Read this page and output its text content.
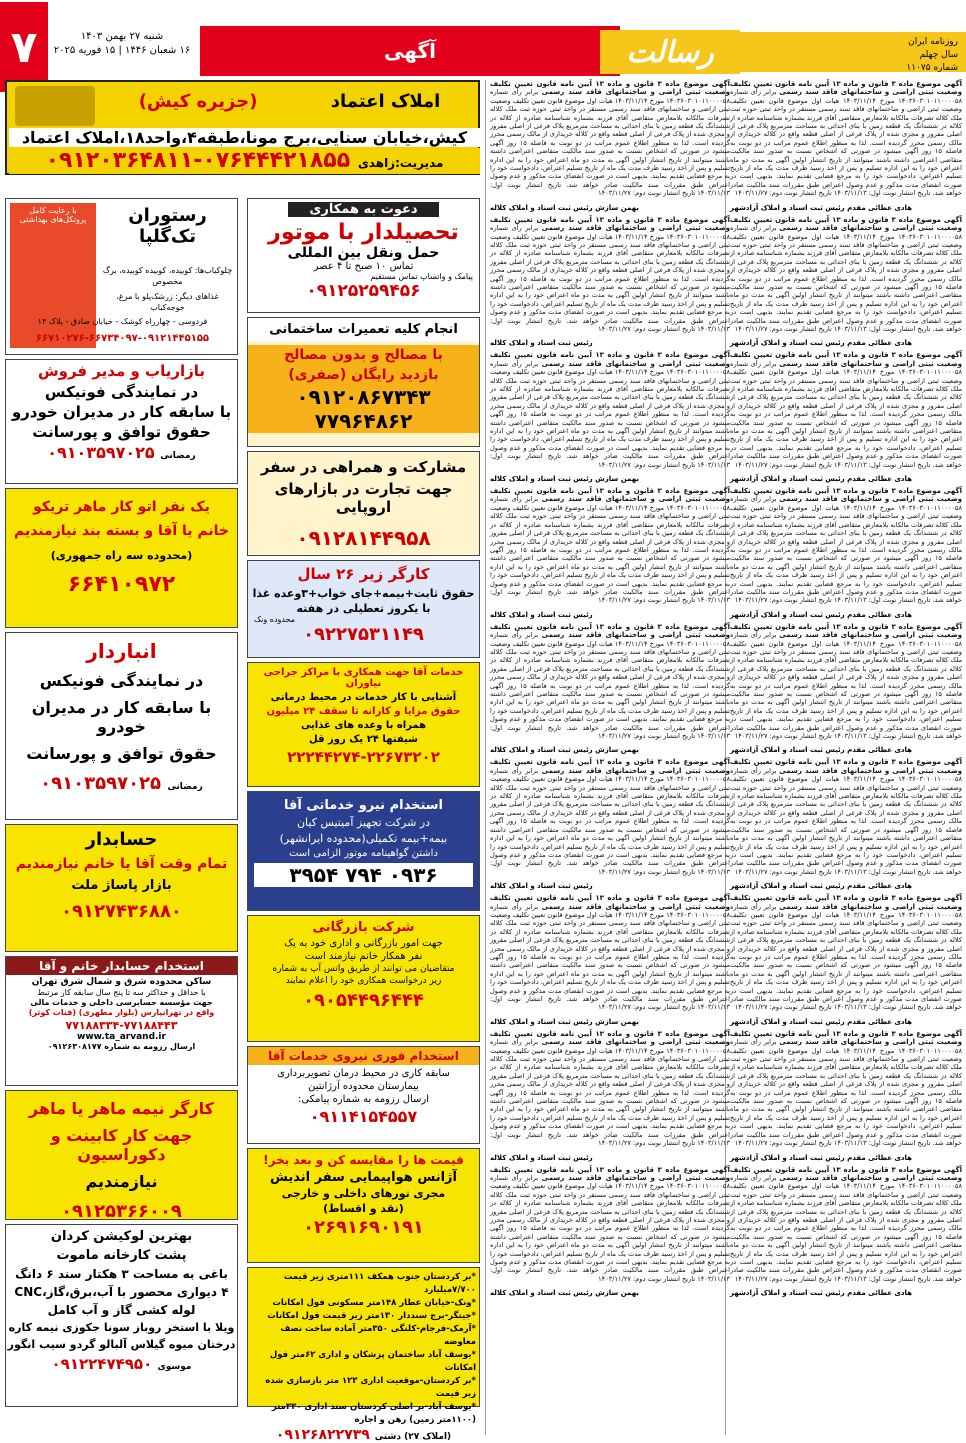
۷	شنبه ۲۷ بهمن ۱۴۰۳
۱۶ شعبان ۱۴۴۶ | ۱۵ فوریه ۲۰۲۵	آگهی	رسالت	روزنامه ایران
سال چهلم
شماره ۱۱۰۷۵
املاک اعتماد
(جزیره کیش)
کیش،خیابان سنایی،برج مونا،طبقه۴،واحد۱۸،املاک اعتماد
مدیریت:زاهدی ۰۷۶۴۴۴۲۱۸۵۵-۰۹۱۲۰۳۶۴۸۱۱
با رعایت کامل پروتکل‌های بهداشتی	رستوران تک‌گلپا
چلوکباب‌ها: کوبیده، کوبیده کوبیده، برگ مخصوص
غذاهای دیگر: زرشک‌پلو با مرغ، جوجه‌کباب
فردوسی - چهارراه کوشک - خیابان صادق - پلاک ۱۴
۶۶۷۱۰۲۷۶-۶۶۷۳۴۰۹۷-۰۹۱۲۱۴۴۵۱۵۵
دعوت به همکاری
تحصیلدار با موتور
حمل ونقل بین المللی
تماس ۱۰ صبح تا ۴ عصر
پیامک و واتساپ تماس مستقیم
۰۹۱۲۵۲۵۹۴۵۶
انجام کلیه تعمیرات ساختمانی
با مصالح و بدون مصالح
بازدید رایگان (صفری)
۰۹۱۲۰۸۶۷۳۴۳
۷۷۹۶۴۸۶۲
مشارکت و همراهی در سفر
جهت تجارت در بازارهای اروپایی
۰۹۱۲۸۱۴۴۹۵۸
کارگر زیر ۲۶ سال
حقوق ثابت+بیمه+جای خواب+۳وعده غذا
با یکروز تعطیلی در هفته
محدوده ونک
۰۹۲۲۷۵۳۱۱۴۹
خدمات آقا جهت همکاری با مراکز جراحی نیاوران
آشنایی با کار خدمات در محیط درمانی
حقوق مزایا و کارانه تا سقف ۲۴ میلیون
همراه با وعده های غذایی
شیفتها ۲۴ یک روز قل
۲۲۲۴۴۲۷۴-۲۲۶۷۳۲۰۲
استخدام نیرو خدماتی آقا
در شرکت تجهیز آمیتیس کیان
بیمه+بیمه تکمیلی(محدوده ایرانشهر)
داشتن گواهینامه موتور الزامی است
۰۹۳۶ ۷۹۴ ۳۹۵۴
شرکت بازرگانی
جهت امور بازرگانی و اداری خود به یک
نفر همکار خانم نیازمند است
متقاضیان می توانند از طریق واتس آپ به شماره
زیر درخواست همکاری خود را اعلام نمایند
۰۹۰۵۴۴۹۶۴۴۴
استخدام فوری نیروی خدمات آقا
سابقه کاری در محیط درمان تصویربرداری
بیمارستان محدوده آرژانتین
ارسال رزومه به شماره پیامکی:
۰۹۱۱۴۱۵۴۵۵۷
قیمت ها را مقایسه کن و بعد بخر!
آژانس هواپیمایی سفر اندیش
مجری تورهای داخلی و خارجی
(نقد و اقساط)
۰۲۶۹۱۶۹۰۱۹۱
*بر کردستان جنوب همکف ۱۱۱متری زیر قیمت ۷/۷۰۰میلیارد
*ونک-خیابان عطار ۱۴۸متر مسکونی فول امکانات
*جیتگر-برج سنددار ۱۳۰متر زیر قیمت فول امکانات
*آرمک-فرجام-کلنگی ۳۵۰متر آماده ساخت نصف معاوضه
*یوسف آباد ساختمان پزشکان و اداری ۶۲متر فول امکانات
*بر کردستان-موقعیت اداری ۱۲۳ متر بازسازی شده زیر قیمت
*یوسف آباد-بر اصلی کردستان سند اداری ۳۳۰متر (۱۱۰۰متر زمین) رهن و اجاره
(املاک ۲۷) دشتی ۰۹۱۲۶۸۲۲۷۳۹
بازاریاب و مدیر فروش
در نمایندگی فونیکس
با سابقه کار در مدیران خودرو
حقوق توافق و پورسانت
رمضانی ۰۹۱۰۳۵۹۷۰۲۵
یک نفر اتو کار ماهر تریکو
خانم یا آقا و بسته بند نیازمندیم
(محدوده سه راه جمهوری)
۶۶۴۱۰۹۷۲
انباردار
در نمایندگی فونیکس
با سابقه کار در مدیران خودرو
حقوق توافق و پورسانت
رمضانی ۰۹۱۰۳۵۹۷۰۲۵
حسابدار
تمام وقت آقا یا خانم نیازمندیم
بازار پاساژ ملت
۰۹۱۲۷۴۳۶۸۸۰
استخدام حسابدار خانم و آقا
ساکن محدوده شرق و شمال شرق تهران
با حداقل و حداکثر سه تا پنج سال سابقه کار مرتبط
جهت مؤسسه حسابرسی داخلی و خدمات مالی
واقع در تهرانپارس (بلوار مطهری) (قنات کوثر)
۷۷۱۸۸۳۳۴-۷۷۱۸۸۴۴۳
www.ta_arvand.ir
ارسال رزومه به شماره ۰۹۱۲۶۳۰۸۱۷۷
کارگر نیمه ماهر یا ماهر
جهت کار کابینت و دکوراسیون
نیازمندیم
۰۹۱۲۵۳۶۶۰۰۹
بهترین لوکیشن کردان
پشت کارخانه ماموت
باغی به مساحت ۳ هکتار سند ۶ دانگ
۴ دیواری محصور با آب،برق،گاز،CNC
لوله کشی گاز و آب کامل
ویلا با استخر روباز سونا جکوزی نیمه کاره
درختان میوه گیلاس آلبالو گردو سیب انگور
موسوی ۰۹۱۲۲۴۷۴۹۵۰
آگهی موضوع ماده ۳ قانون و ماده ۱۳ آیین نامه قانون تعیین تکلیف وضعیت ثبتی اراضی و ساختمانهای فاقد سند رسمی برابر رأی شماره ۱۴۰۳۶۰۳۰۱۰۱۱۰۰۰۰۵۸ مورخ ۱۴۰۳/۱۱/۱۴ هیات اول موضوع قانون تعیین تکلیف وضعیت ثبتی اراضی و ساختمانهای فاقد سند رسمی مستقر در واحد ثبتی حوزه ثبت ملک کلاله تصرفات مالکانه بلامعارض متقاضی آقای فرزند بشماره شناسنامه صادره از کلاله در ششدانگ یک قطعه زمین با بنای احداثی به مساحت مترمربع پلاک فرعی از اصلی مفروز و مجزی شده از پلاک فرعی از اصلی قطعه واقع در کلاله خریداری از مالک رسمی محرز گردیده است. لذا به منظور اطلاع عموم مراتب در دو نوبت به فاصله ۱۵ روز آگهی میشود در صورتی که اشخاص نسبت به صدور سند مالکیت متقاضی اعتراضی داشته باشند میتوانند از تاریخ انتشار اولین آگهی به مدت دو ماه اعتراض خود را به این اداره تسلیم و پس از اخذ رسید ظرف مدت یک ماه از تاریخ تسلیم اعتراض، دادخواست خود را به مرجع قضایی تقدیم نمایند. بدیهی است در صورت انقضای مدت مذکور و عدم وصول اعتراض طبق مقررات سند مالکیت صادر خواهد شد. تاریخ انتشار نوبت اول: ۱۴۰۳/۱۱/۱۳ تاریخ انتشار نوبت دوم: ۱۴۰۳/۱۱/۲۷
بهمن سازش رئیس ثبت اسناد و املاک کلاله
آگهی موضوع ماده ۳ قانون و ماده ۱۳ آیین نامه قانون تعیین تکلیف وضعیت ثبتی اراضی و ساختمانهای فاقد سند رسمی برابر رأی شماره ۱۴۰۳۶۰۳۰۱۰۱۱۰۰۰۰۵۸ مورخ ۱۴۰۳/۱۱/۱۴ هیات اول موضوع قانون تعیین تکلیف وضعیت ثبتی اراضی و ساختمانهای فاقد سند رسمی مستقر در واحد ثبتی حوزه ثبت ملک کلاله تصرفات مالکانه بلامعارض متقاضی آقای فرزند بشماره شناسنامه صادره از کلاله در ششدانگ یک قطعه زمین با بنای احداثی به مساحت مترمربع پلاک فرعی از اصلی مفروز و مجزی شده از پلاک فرعی از اصلی قطعه واقع در کلاله خریداری از مالک رسمی محرز گردیده است. لذا به منظور اطلاع عموم مراتب در دو نوبت به فاصله ۱۵ روز آگهی میشود در صورتی که اشخاص نسبت به صدور سند مالکیت متقاضی اعتراضی داشته باشند میتوانند از تاریخ انتشار اولین آگهی به مدت دو ماه اعتراض خود را به این اداره تسلیم و پس از اخذ رسید ظرف مدت یک ماه از تاریخ تسلیم اعتراض، دادخواست خود را به مرجع قضایی تقدیم نمایند. بدیهی است در صورت انقضای مدت مذکور و عدم وصول اعتراض طبق مقررات سند مالکیت صادر خواهد شد. تاریخ انتشار نوبت اول: ۱۴۰۳/۱۱/۱۳ تاریخ انتشار نوبت دوم: ۱۴۰۳/۱۱/۲۷
رئیس ثبت اسناد و املاک کلاله
آگهی موضوع ماده ۳ قانون و ماده ۱۳ آیین نامه قانون تعیین تکلیف وضعیت ثبتی اراضی و ساختمانهای فاقد سند رسمی برابر رأی شماره ۱۴۰۳۶۰۳۰۱۰۱۱۰۰۰۰۵۸ مورخ ۱۴۰۳/۱۱/۱۴ هیات اول موضوع قانون تعیین تکلیف وضعیت ثبتی اراضی و ساختمانهای فاقد سند رسمی مستقر در واحد ثبتی حوزه ثبت ملک کلاله تصرفات مالکانه بلامعارض متقاضی آقای فرزند بشماره شناسنامه صادره از کلاله در ششدانگ یک قطعه زمین با بنای احداثی به مساحت مترمربع پلاک فرعی از اصلی مفروز و مجزی شده از پلاک فرعی از اصلی قطعه واقع در کلاله خریداری از مالک رسمی محرز گردیده است. لذا به منظور اطلاع عموم مراتب در دو نوبت به فاصله ۱۵ روز آگهی میشود در صورتی که اشخاص نسبت به صدور سند مالکیت متقاضی اعتراضی داشته باشند میتوانند از تاریخ انتشار اولین آگهی به مدت دو ماه اعتراض خود را به این اداره تسلیم و پس از اخذ رسید ظرف مدت یک ماه از تاریخ تسلیم اعتراض، دادخواست خود را به مرجع قضایی تقدیم نمایند. بدیهی است در صورت انقضای مدت مذکور و عدم وصول اعتراض طبق مقررات سند مالکیت صادر خواهد شد. تاریخ انتشار نوبت اول: ۱۴۰۳/۱۱/۱۳ تاریخ انتشار نوبت دوم: ۱۴۰۳/۱۱/۲۷
بهمن سازش رئیس ثبت اسناد و املاک کلاله
آگهی موضوع ماده ۳ قانون و ماده ۱۳ آیین نامه قانون تعیین تکلیف وضعیت ثبتی اراضی و ساختمانهای فاقد سند رسمی برابر رأی شماره ۱۴۰۳۶۰۳۰۱۰۱۱۰۰۰۰۵۸ مورخ ۱۴۰۳/۱۱/۱۴ هیات اول موضوع قانون تعیین تکلیف وضعیت ثبتی اراضی و ساختمانهای فاقد سند رسمی مستقر در واحد ثبتی حوزه ثبت ملک کلاله تصرفات مالکانه بلامعارض متقاضی آقای فرزند بشماره شناسنامه صادره از کلاله در ششدانگ یک قطعه زمین با بنای احداثی به مساحت مترمربع پلاک فرعی از اصلی مفروز و مجزی شده از پلاک فرعی از اصلی قطعه واقع در کلاله خریداری از مالک رسمی محرز گردیده است. لذا به منظور اطلاع عموم مراتب در دو نوبت به فاصله ۱۵ روز آگهی میشود در صورتی که اشخاص نسبت به صدور سند مالکیت متقاضی اعتراضی داشته باشند میتوانند از تاریخ انتشار اولین آگهی به مدت دو ماه اعتراض خود را به این اداره تسلیم و پس از اخذ رسید ظرف مدت یک ماه از تاریخ تسلیم اعتراض، دادخواست خود را به مرجع قضایی تقدیم نمایند. بدیهی است در صورت انقضای مدت مذکور و عدم وصول اعتراض طبق مقررات سند مالکیت صادر خواهد شد. تاریخ انتشار نوبت اول: ۱۴۰۳/۱۱/۱۳ تاریخ انتشار نوبت دوم: ۱۴۰۳/۱۱/۲۷
رئیس ثبت اسناد و املاک کلاله
آگهی موضوع ماده ۳ قانون و ماده ۱۳ آیین نامه قانون تعیین تکلیف وضعیت ثبتی اراضی و ساختمانهای فاقد سند رسمی برابر رأی شماره ۱۴۰۳۶۰۳۰۱۰۱۱۰۰۰۰۵۸ مورخ ۱۴۰۳/۱۱/۱۴ هیات اول موضوع قانون تعیین تکلیف وضعیت ثبتی اراضی و ساختمانهای فاقد سند رسمی مستقر در واحد ثبتی حوزه ثبت ملک کلاله تصرفات مالکانه بلامعارض متقاضی آقای فرزند بشماره شناسنامه صادره از کلاله در ششدانگ یک قطعه زمین با بنای احداثی به مساحت مترمربع پلاک فرعی از اصلی مفروز و مجزی شده از پلاک فرعی از اصلی قطعه واقع در کلاله خریداری از مالک رسمی محرز گردیده است. لذا به منظور اطلاع عموم مراتب در دو نوبت به فاصله ۱۵ روز آگهی میشود در صورتی که اشخاص نسبت به صدور سند مالکیت متقاضی اعتراضی داشته باشند میتوانند از تاریخ انتشار اولین آگهی به مدت دو ماه اعتراض خود را به این اداره تسلیم و پس از اخذ رسید ظرف مدت یک ماه از تاریخ تسلیم اعتراض، دادخواست خود را به مرجع قضایی تقدیم نمایند. بدیهی است در صورت انقضای مدت مذکور و عدم وصول اعتراض طبق مقررات سند مالکیت صادر خواهد شد. تاریخ انتشار نوبت اول: ۱۴۰۳/۱۱/۱۳ تاریخ انتشار نوبت دوم: ۱۴۰۳/۱۱/۲۷
بهمن سازش رئیس ثبت اسناد و املاک کلاله
آگهی موضوع ماده ۳ قانون و ماده ۱۳ آیین نامه قانون تعیین تکلیف وضعیت ثبتی اراضی و ساختمانهای فاقد سند رسمی برابر رأی شماره ۱۴۰۳۶۰۳۰۱۰۱۱۰۰۰۰۵۸ مورخ ۱۴۰۳/۱۱/۱۴ هیات اول موضوع قانون تعیین تکلیف وضعیت ثبتی اراضی و ساختمانهای فاقد سند رسمی مستقر در واحد ثبتی حوزه ثبت ملک کلاله تصرفات مالکانه بلامعارض متقاضی آقای فرزند بشماره شناسنامه صادره از کلاله در ششدانگ یک قطعه زمین با بنای احداثی به مساحت مترمربع پلاک فرعی از اصلی مفروز و مجزی شده از پلاک فرعی از اصلی قطعه واقع در کلاله خریداری از مالک رسمی محرز گردیده است. لذا به منظور اطلاع عموم مراتب در دو نوبت به فاصله ۱۵ روز آگهی میشود در صورتی که اشخاص نسبت به صدور سند مالکیت متقاضی اعتراضی داشته باشند میتوانند از تاریخ انتشار اولین آگهی به مدت دو ماه اعتراض خود را به این اداره تسلیم و پس از اخذ رسید ظرف مدت یک ماه از تاریخ تسلیم اعتراض، دادخواست خود را به مرجع قضایی تقدیم نمایند. بدیهی است در صورت انقضای مدت مذکور و عدم وصول اعتراض طبق مقررات سند مالکیت صادر خواهد شد. تاریخ انتشار نوبت اول: ۱۴۰۳/۱۱/۱۳ تاریخ انتشار نوبت دوم: ۱۴۰۳/۱۱/۲۷
رئیس ثبت اسناد و املاک کلاله
آگهی موضوع ماده ۳ قانون و ماده ۱۳ آیین نامه قانون تعیین تکلیف وضعیت ثبتی اراضی و ساختمانهای فاقد سند رسمی برابر رأی شماره ۱۴۰۳۶۰۳۰۱۰۱۱۰۰۰۰۵۸ مورخ ۱۴۰۳/۱۱/۱۴ هیات اول موضوع قانون تعیین تکلیف وضعیت ثبتی اراضی و ساختمانهای فاقد سند رسمی مستقر در واحد ثبتی حوزه ثبت ملک کلاله تصرفات مالکانه بلامعارض متقاضی آقای فرزند بشماره شناسنامه صادره از کلاله در ششدانگ یک قطعه زمین با بنای احداثی به مساحت مترمربع پلاک فرعی از اصلی مفروز و مجزی شده از پلاک فرعی از اصلی قطعه واقع در کلاله خریداری از مالک رسمی محرز گردیده است. لذا به منظور اطلاع عموم مراتب در دو نوبت به فاصله ۱۵ روز آگهی میشود در صورتی که اشخاص نسبت به صدور سند مالکیت متقاضی اعتراضی داشته باشند میتوانند از تاریخ انتشار اولین آگهی به مدت دو ماه اعتراض خود را به این اداره تسلیم و پس از اخذ رسید ظرف مدت یک ماه از تاریخ تسلیم اعتراض، دادخواست خود را به مرجع قضایی تقدیم نمایند. بدیهی است در صورت انقضای مدت مذکور و عدم وصول اعتراض طبق مقررات سند مالکیت صادر خواهد شد. تاریخ انتشار نوبت اول: ۱۴۰۳/۱۱/۱۳ تاریخ انتشار نوبت دوم: ۱۴۰۳/۱۱/۲۷
بهمن سازش رئیس ثبت اسناد و املاک کلاله
آگهی موضوع ماده ۳ قانون و ماده ۱۳ آیین نامه قانون تعیین تکلیف وضعیت ثبتی اراضی و ساختمانهای فاقد سند رسمی برابر رأی شماره ۱۴۰۳۶۰۳۰۱۰۱۱۰۰۰۰۵۸ مورخ ۱۴۰۳/۱۱/۱۴ هیات اول موضوع قانون تعیین تکلیف وضعیت ثبتی اراضی و ساختمانهای فاقد سند رسمی مستقر در واحد ثبتی حوزه ثبت ملک کلاله تصرفات مالکانه بلامعارض متقاضی آقای فرزند بشماره شناسنامه صادره از کلاله در ششدانگ یک قطعه زمین با بنای احداثی به مساحت مترمربع پلاک فرعی از اصلی مفروز و مجزی شده از پلاک فرعی از اصلی قطعه واقع در کلاله خریداری از مالک رسمی محرز گردیده است. لذا به منظور اطلاع عموم مراتب در دو نوبت به فاصله ۱۵ روز آگهی میشود در صورتی که اشخاص نسبت به صدور سند مالکیت متقاضی اعتراضی داشته باشند میتوانند از تاریخ انتشار اولین آگهی به مدت دو ماه اعتراض خود را به این اداره تسلیم و پس از اخذ رسید ظرف مدت یک ماه از تاریخ تسلیم اعتراض، دادخواست خود را به مرجع قضایی تقدیم نمایند. بدیهی است در صورت انقضای مدت مذکور و عدم وصول اعتراض طبق مقررات سند مالکیت صادر خواهد شد. تاریخ انتشار نوبت اول: ۱۴۰۳/۱۱/۱۳ تاریخ انتشار نوبت دوم: ۱۴۰۳/۱۱/۲۷
رئیس ثبت اسناد و املاک کلاله
آگهی موضوع ماده ۳ قانون و ماده ۱۳ آیین نامه قانون تعیین تکلیف وضعیت ثبتی اراضی و ساختمانهای فاقد سند رسمی برابر رأی شماره ۱۴۰۳۶۰۳۰۱۰۱۱۰۰۰۰۵۸ مورخ ۱۴۰۳/۱۱/۱۴ هیات اول موضوع قانون تعیین تکلیف وضعیت ثبتی اراضی و ساختمانهای فاقد سند رسمی مستقر در واحد ثبتی حوزه ثبت ملک کلاله تصرفات مالکانه بلامعارض متقاضی آقای فرزند بشماره شناسنامه صادره از کلاله در ششدانگ یک قطعه زمین با بنای احداثی به مساحت مترمربع پلاک فرعی از اصلی مفروز و مجزی شده از پلاک فرعی از اصلی قطعه واقع در کلاله خریداری از مالک رسمی محرز گردیده است. لذا به منظور اطلاع عموم مراتب در دو نوبت به فاصله ۱۵ روز آگهی میشود در صورتی که اشخاص نسبت به صدور سند مالکیت متقاضی اعتراضی داشته باشند میتوانند از تاریخ انتشار اولین آگهی به مدت دو ماه اعتراض خود را به این اداره تسلیم و پس از اخذ رسید ظرف مدت یک ماه از تاریخ تسلیم اعتراض، دادخواست خود را به مرجع قضایی تقدیم نمایند. بدیهی است در صورت انقضای مدت مذکور و عدم وصول اعتراض طبق مقررات سند مالکیت صادر خواهد شد. تاریخ انتشار نوبت اول: ۱۴۰۳/۱۱/۱۳ تاریخ انتشار نوبت دوم: ۱۴۰۳/۱۱/۲۷
بهمن سازش رئیس ثبت اسناد و املاک کلاله
آگهی موضوع ماده ۳ قانون و ماده ۱۳ آیین نامه قانون تعیین تکلیف وضعیت ثبتی اراضی و ساختمانهای فاقد سند رسمی برابر رأی شماره ۱۴۰۳۶۰۳۰۱۰۱۱۰۰۰۰۵۸ مورخ ۱۴۰۳/۱۱/۱۴ هیات اول موضوع قانون تعیین تکلیف وضعیت ثبتی اراضی و ساختمانهای فاقد سند رسمی مستقر در واحد ثبتی حوزه ثبت ملک کلاله تصرفات مالکانه بلامعارض متقاضی آقای فرزند بشماره شناسنامه صادره از کلاله در ششدانگ یک قطعه زمین با بنای احداثی به مساحت مترمربع پلاک فرعی از اصلی مفروز و مجزی شده از پلاک فرعی از اصلی قطعه واقع در کلاله خریداری از مالک رسمی محرز گردیده است. لذا به منظور اطلاع عموم مراتب در دو نوبت به فاصله ۱۵ روز آگهی میشود در صورتی که اشخاص نسبت به صدور سند مالکیت متقاضی اعتراضی داشته باشند میتوانند از تاریخ انتشار اولین آگهی به مدت دو ماه اعتراض خود را به این اداره تسلیم و پس از اخذ رسید ظرف مدت یک ماه از تاریخ تسلیم اعتراض، دادخواست خود را به مرجع قضایی تقدیم نمایند. بدیهی است در صورت انقضای مدت مذکور و عدم وصول اعتراض طبق مقررات سند مالکیت صادر خواهد شد. تاریخ انتشار نوبت اول: ۱۴۰۳/۱۱/۱۳ تاریخ انتشار نوبت دوم: ۱۴۰۳/۱۱/۲۷
هادی عطائی مقدم رئیس ثبت اسناد و املاک آزادشهر
آگهی موضوع ماده ۳ قانون و ماده ۱۳ آیین نامه قانون تعیین تکلیف وضعیت ثبتی اراضی و ساختمانهای فاقد سند رسمی برابر رأی شماره ۱۴۰۳۶۰۳۰۱۰۱۱۰۰۰۰۵۸ مورخ ۱۴۰۳/۱۱/۱۴ هیات اول موضوع قانون تعیین تکلیف وضعیت ثبتی اراضی و ساختمانهای فاقد سند رسمی مستقر در واحد ثبتی حوزه ثبت ملک کلاله تصرفات مالکانه بلامعارض متقاضی آقای فرزند بشماره شناسنامه صادره از کلاله در ششدانگ یک قطعه زمین با بنای احداثی به مساحت مترمربع پلاک فرعی از اصلی مفروز و مجزی شده از پلاک فرعی از اصلی قطعه واقع در کلاله خریداری از مالک رسمی محرز گردیده است. لذا به منظور اطلاع عموم مراتب در دو نوبت به فاصله ۱۵ روز آگهی میشود در صورتی که اشخاص نسبت به صدور سند مالکیت متقاضی اعتراضی داشته باشند میتوانند از تاریخ انتشار اولین آگهی به مدت دو ماه اعتراض خود را به این اداره تسلیم و پس از اخذ رسید ظرف مدت یک ماه از تاریخ تسلیم اعتراض، دادخواست خود را به مرجع قضایی تقدیم نمایند. بدیهی است در صورت انقضای مدت مذکور و عدم وصول اعتراض طبق مقررات سند مالکیت صادر خواهد شد. تاریخ انتشار نوبت اول: ۱۴۰۳/۱۱/۱۳ تاریخ انتشار نوبت دوم: ۱۴۰۳/۱۱/۲۷
هادی عطائی مقدم رئیس ثبت اسناد و املاک آزادشهر
آگهی موضوع ماده ۳ قانون و ماده ۱۳ آیین نامه قانون تعیین تکلیف وضعیت ثبتی اراضی و ساختمانهای فاقد سند رسمی برابر رأی شماره ۱۴۰۳۶۰۳۰۱۰۱۱۰۰۰۰۵۸ مورخ ۱۴۰۳/۱۱/۱۴ هیات اول موضوع قانون تعیین تکلیف وضعیت ثبتی اراضی و ساختمانهای فاقد سند رسمی مستقر در واحد ثبتی حوزه ثبت ملک کلاله تصرفات مالکانه بلامعارض متقاضی آقای فرزند بشماره شناسنامه صادره از کلاله در ششدانگ یک قطعه زمین با بنای احداثی به مساحت مترمربع پلاک فرعی از اصلی مفروز و مجزی شده از پلاک فرعی از اصلی قطعه واقع در کلاله خریداری از مالک رسمی محرز گردیده است. لذا به منظور اطلاع عموم مراتب در دو نوبت به فاصله ۱۵ روز آگهی میشود در صورتی که اشخاص نسبت به صدور سند مالکیت متقاضی اعتراضی داشته باشند میتوانند از تاریخ انتشار اولین آگهی به مدت دو ماه اعتراض خود را به این اداره تسلیم و پس از اخذ رسید ظرف مدت یک ماه از تاریخ تسلیم اعتراض، دادخواست خود را به مرجع قضایی تقدیم نمایند. بدیهی است در صورت انقضای مدت مذکور و عدم وصول اعتراض طبق مقررات سند مالکیت صادر خواهد شد. تاریخ انتشار نوبت اول: ۱۴۰۳/۱۱/۱۳ تاریخ انتشار نوبت دوم: ۱۴۰۳/۱۱/۲۷
هادی عطائی مقدم رئیس ثبت اسناد و املاک آزادشهر
آگهی موضوع ماده ۳ قانون و ماده ۱۳ آیین نامه قانون تعیین تکلیف وضعیت ثبتی اراضی و ساختمانهای فاقد سند رسمی برابر رأی شماره ۱۴۰۳۶۰۳۰۱۰۱۱۰۰۰۰۵۸ مورخ ۱۴۰۳/۱۱/۱۴ هیات اول موضوع قانون تعیین تکلیف وضعیت ثبتی اراضی و ساختمانهای فاقد سند رسمی مستقر در واحد ثبتی حوزه ثبت ملک کلاله تصرفات مالکانه بلامعارض متقاضی آقای فرزند بشماره شناسنامه صادره از کلاله در ششدانگ یک قطعه زمین با بنای احداثی به مساحت مترمربع پلاک فرعی از اصلی مفروز و مجزی شده از پلاک فرعی از اصلی قطعه واقع در کلاله خریداری از مالک رسمی محرز گردیده است. لذا به منظور اطلاع عموم مراتب در دو نوبت به فاصله ۱۵ روز آگهی میشود در صورتی که اشخاص نسبت به صدور سند مالکیت متقاضی اعتراضی داشته باشند میتوانند از تاریخ انتشار اولین آگهی به مدت دو ماه اعتراض خود را به این اداره تسلیم و پس از اخذ رسید ظرف مدت یک ماه از تاریخ تسلیم اعتراض، دادخواست خود را به مرجع قضایی تقدیم نمایند. بدیهی است در صورت انقضای مدت مذکور و عدم وصول اعتراض طبق مقررات سند مالکیت صادر خواهد شد. تاریخ انتشار نوبت اول: ۱۴۰۳/۱۱/۱۳ تاریخ انتشار نوبت دوم: ۱۴۰۳/۱۱/۲۷
هادی عطائی مقدم رئیس ثبت اسناد و املاک آزادشهر
آگهی موضوع ماده ۳ قانون و ماده ۱۳ آیین نامه قانون تعیین تکلیف وضعیت ثبتی اراضی و ساختمانهای فاقد سند رسمی برابر رأی شماره ۱۴۰۳۶۰۳۰۱۰۱۱۰۰۰۰۵۸ مورخ ۱۴۰۳/۱۱/۱۴ هیات اول موضوع قانون تعیین تکلیف وضعیت ثبتی اراضی و ساختمانهای فاقد سند رسمی مستقر در واحد ثبتی حوزه ثبت ملک کلاله تصرفات مالکانه بلامعارض متقاضی آقای فرزند بشماره شناسنامه صادره از کلاله در ششدانگ یک قطعه زمین با بنای احداثی به مساحت مترمربع پلاک فرعی از اصلی مفروز و مجزی شده از پلاک فرعی از اصلی قطعه واقع در کلاله خریداری از مالک رسمی محرز گردیده است. لذا به منظور اطلاع عموم مراتب در دو نوبت به فاصله ۱۵ روز آگهی میشود در صورتی که اشخاص نسبت به صدور سند مالکیت متقاضی اعتراضی داشته باشند میتوانند از تاریخ انتشار اولین آگهی به مدت دو ماه اعتراض خود را به این اداره تسلیم و پس از اخذ رسید ظرف مدت یک ماه از تاریخ تسلیم اعتراض، دادخواست خود را به مرجع قضایی تقدیم نمایند. بدیهی است در صورت انقضای مدت مذکور و عدم وصول اعتراض طبق مقررات سند مالکیت صادر خواهد شد. تاریخ انتشار نوبت اول: ۱۴۰۳/۱۱/۱۳ تاریخ انتشار نوبت دوم: ۱۴۰۳/۱۱/۲۷
هادی عطائی مقدم رئیس ثبت اسناد و املاک آزادشهر
آگهی موضوع ماده ۳ قانون و ماده ۱۳ آیین نامه قانون تعیین تکلیف وضعیت ثبتی اراضی و ساختمانهای فاقد سند رسمی برابر رأی شماره ۱۴۰۳۶۰۳۰۱۰۱۱۰۰۰۰۵۸ مورخ ۱۴۰۳/۱۱/۱۴ هیات اول موضوع قانون تعیین تکلیف وضعیت ثبتی اراضی و ساختمانهای فاقد سند رسمی مستقر در واحد ثبتی حوزه ثبت ملک کلاله تصرفات مالکانه بلامعارض متقاضی آقای فرزند بشماره شناسنامه صادره از کلاله در ششدانگ یک قطعه زمین با بنای احداثی به مساحت مترمربع پلاک فرعی از اصلی مفروز و مجزی شده از پلاک فرعی از اصلی قطعه واقع در کلاله خریداری از مالک رسمی محرز گردیده است. لذا به منظور اطلاع عموم مراتب در دو نوبت به فاصله ۱۵ روز آگهی میشود در صورتی که اشخاص نسبت به صدور سند مالکیت متقاضی اعتراضی داشته باشند میتوانند از تاریخ انتشار اولین آگهی به مدت دو ماه اعتراض خود را به این اداره تسلیم و پس از اخذ رسید ظرف مدت یک ماه از تاریخ تسلیم اعتراض، دادخواست خود را به مرجع قضایی تقدیم نمایند. بدیهی است در صورت انقضای مدت مذکور و عدم وصول اعتراض طبق مقررات سند مالکیت صادر خواهد شد. تاریخ انتشار نوبت اول: ۱۴۰۳/۱۱/۱۳ تاریخ انتشار نوبت دوم: ۱۴۰۳/۱۱/۲۷
هادی عطائی مقدم رئیس ثبت اسناد و املاک آزادشهر
آگهی موضوع ماده ۳ قانون و ماده ۱۳ آیین نامه قانون تعیین تکلیف وضعیت ثبتی اراضی و ساختمانهای فاقد سند رسمی برابر رأی شماره ۱۴۰۳۶۰۳۰۱۰۱۱۰۰۰۰۵۸ مورخ ۱۴۰۳/۱۱/۱۴ هیات اول موضوع قانون تعیین تکلیف وضعیت ثبتی اراضی و ساختمانهای فاقد سند رسمی مستقر در واحد ثبتی حوزه ثبت ملک کلاله تصرفات مالکانه بلامعارض متقاضی آقای فرزند بشماره شناسنامه صادره از کلاله در ششدانگ یک قطعه زمین با بنای احداثی به مساحت مترمربع پلاک فرعی از اصلی مفروز و مجزی شده از پلاک فرعی از اصلی قطعه واقع در کلاله خریداری از مالک رسمی محرز گردیده است. لذا به منظور اطلاع عموم مراتب در دو نوبت به فاصله ۱۵ روز آگهی میشود در صورتی که اشخاص نسبت به صدور سند مالکیت متقاضی اعتراضی داشته باشند میتوانند از تاریخ انتشار اولین آگهی به مدت دو ماه اعتراض خود را به این اداره تسلیم و پس از اخذ رسید ظرف مدت یک ماه از تاریخ تسلیم اعتراض، دادخواست خود را به مرجع قضایی تقدیم نمایند. بدیهی است در صورت انقضای مدت مذکور و عدم وصول اعتراض طبق مقررات سند مالکیت صادر خواهد شد. تاریخ انتشار نوبت اول: ۱۴۰۳/۱۱/۱۳ تاریخ انتشار نوبت دوم: ۱۴۰۳/۱۱/۲۷
هادی عطائی مقدم رئیس ثبت اسناد و املاک آزادشهر
آگهی موضوع ماده ۳ قانون و ماده ۱۳ آیین نامه قانون تعیین تکلیف وضعیت ثبتی اراضی و ساختمانهای فاقد سند رسمی برابر رأی شماره ۱۴۰۳۶۰۳۰۱۰۱۱۰۰۰۰۵۸ مورخ ۱۴۰۳/۱۱/۱۴ هیات اول موضوع قانون تعیین تکلیف وضعیت ثبتی اراضی و ساختمانهای فاقد سند رسمی مستقر در واحد ثبتی حوزه ثبت ملک کلاله تصرفات مالکانه بلامعارض متقاضی آقای فرزند بشماره شناسنامه صادره از کلاله در ششدانگ یک قطعه زمین با بنای احداثی به مساحت مترمربع پلاک فرعی از اصلی مفروز و مجزی شده از پلاک فرعی از اصلی قطعه واقع در کلاله خریداری از مالک رسمی محرز گردیده است. لذا به منظور اطلاع عموم مراتب در دو نوبت به فاصله ۱۵ روز آگهی میشود در صورتی که اشخاص نسبت به صدور سند مالکیت متقاضی اعتراضی داشته باشند میتوانند از تاریخ انتشار اولین آگهی به مدت دو ماه اعتراض خود را به این اداره تسلیم و پس از اخذ رسید ظرف مدت یک ماه از تاریخ تسلیم اعتراض، دادخواست خود را به مرجع قضایی تقدیم نمایند. بدیهی است در صورت انقضای مدت مذکور و عدم وصول اعتراض طبق مقررات سند مالکیت صادر خواهد شد. تاریخ انتشار نوبت اول: ۱۴۰۳/۱۱/۱۳ تاریخ انتشار نوبت دوم: ۱۴۰۳/۱۱/۲۷
هادی عطائی مقدم رئیس ثبت اسناد و املاک آزادشهر
آگهی موضوع ماده ۳ قانون و ماده ۱۳ آیین نامه قانون تعیین تکلیف وضعیت ثبتی اراضی و ساختمانهای فاقد سند رسمی برابر رأی شماره ۱۴۰۳۶۰۳۰۱۰۱۱۰۰۰۰۵۸ مورخ ۱۴۰۳/۱۱/۱۴ هیات اول موضوع قانون تعیین تکلیف وضعیت ثبتی اراضی و ساختمانهای فاقد سند رسمی مستقر در واحد ثبتی حوزه ثبت ملک کلاله تصرفات مالکانه بلامعارض متقاضی آقای فرزند بشماره شناسنامه صادره از کلاله در ششدانگ یک قطعه زمین با بنای احداثی به مساحت مترمربع پلاک فرعی از اصلی مفروز و مجزی شده از پلاک فرعی از اصلی قطعه واقع در کلاله خریداری از مالک رسمی محرز گردیده است. لذا به منظور اطلاع عموم مراتب در دو نوبت به فاصله ۱۵ روز آگهی میشود در صورتی که اشخاص نسبت به صدور سند مالکیت متقاضی اعتراضی داشته باشند میتوانند از تاریخ انتشار اولین آگهی به مدت دو ماه اعتراض خود را به این اداره تسلیم و پس از اخذ رسید ظرف مدت یک ماه از تاریخ تسلیم اعتراض، دادخواست خود را به مرجع قضایی تقدیم نمایند. بدیهی است در صورت انقضای مدت مذکور و عدم وصول اعتراض طبق مقررات سند مالکیت صادر خواهد شد. تاریخ انتشار نوبت اول: ۱۴۰۳/۱۱/۱۳ تاریخ انتشار نوبت دوم: ۱۴۰۳/۱۱/۲۷
هادی عطائی مقدم رئیس ثبت اسناد و املاک آزادشهر
